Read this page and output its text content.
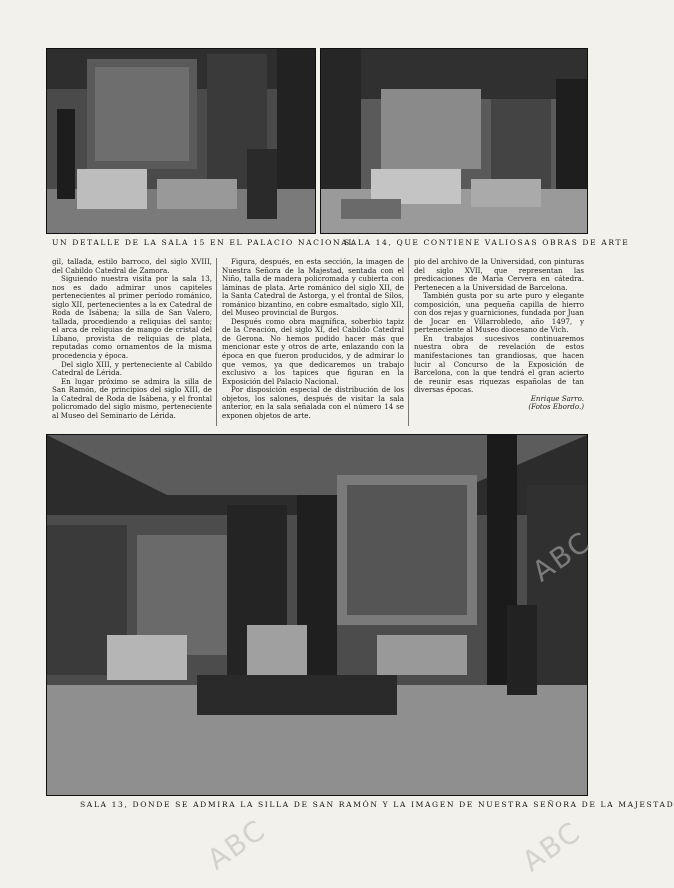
UN DETALLE DE LA SALA 15 EN EL PALACIO NACIONAL
SALA 14, QUE CONTIENE VALIOSAS OBRAS DE ARTE

gil, tallada, estilo barroco, del siglo XVIII, del Cabildo Catedral de Zamora.

Siguiendo nuestra visita por la sala 13, nos es dado admirar unos capiteles pertenecientes al primer período románico, siglo XII, pertenecientes a la ex Catedral de Roda de Isábena; la silla de San Valero, tallada, procediendo a reliquias del santo; el arca de reliquias de mango de cristal del Líbano, provista de reliquias de plata, reputadas como ornamentos de la misma procedencia y época.

Del siglo XIII, y perteneciente al Cabildo Catedral de Lérida.

En lugar próximo se admira la silla de San Ramón, de principios del siglo XIII, de la Catedral de Roda de Isábena, y el frontal policromado del siglo mismo, perteneciente al Museo del Seminario de Lérida.

Figura, después, en esta sección, la imagen de Nuestra Señora de la Majestad, sentada con el Niño, talla de madera policromada y cubierta con láminas de plata. Arte románico del siglo XII, de la Santa Catedral de Astorga, y el frontal de Silos, románico bizantino, en cobre esmaltado, siglo XII, del Museo provincial de Burgos.

Después como obra magnífica, soberbio tapiz de la Creación, del siglo XI, del Cabildo Catedral de Gerona. No hemos podido hacer más que mencionar este y otros de arte, enlazando con la época en que fueron producidos, y de admirar lo que vemos, ya que dedicaremos un trabajo exclusivo a los tapices que figuran en la Exposición del Palacio Nacional.

Por disposición especial de distribución de los objetos, los salones, después de visitar la sala anterior, en la sala señalada con el número 14 se exponen objetos de arte.

pio del archivo de la Universidad, con pinturas del siglo XVII, que representan las predicaciones de María Cervera en cátedra. Pertenecen a la Universidad de Barcelona.

También gusta por su arte puro y elegante composición, una pequeña capilla de hierro con dos rejas y guarniciones, fundada por Juan de Jocar en Villarrobledo, año 1497, y perteneciente al Museo diocesano de Vich.

En trabajos sucesivos continuaremos nuestra obra de revelación de estos manifestaciones tan grandiosas, que hacen lucir al Concurso de la Exposición de Barcelona, con la que tendrá el gran acierto de reunir esas riquezas españolas de tan diversas épocas.

Enrique Sarro.

(Fotos Ebordo.)

SALA 13, DONDE SE ADMIRA LA SILLA DE SAN RAMÓN Y LA IMAGEN DE NUESTRA SEÑORA DE LA MAJESTAD
ABC	ABC
ABC
